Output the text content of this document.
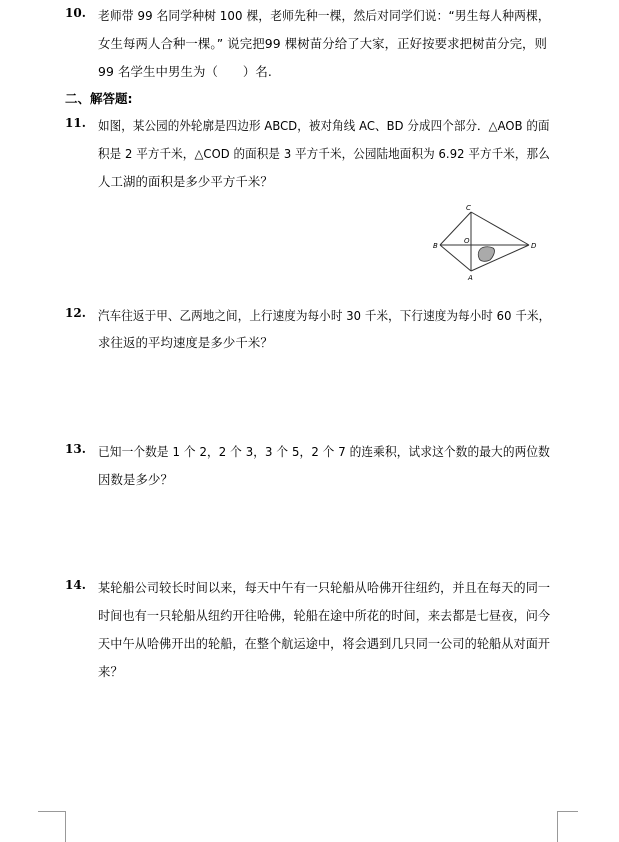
10. 老师带 99 名同学种树 100 棵，老师先种一棵，然后对同学们说：“男生每人种两棵，
女生每两人合种一棵。” 说完把99 棵树苗分给了大家，正好按要求把树苗分完，则
99 名学生中男生为（　　）名.
二、解答题:
11. 如图，某公园的外轮廓是四边形 ABCD，被对角线 AC、BD 分成四个部分．△AOB 的面
积是 2 平方千米，△COD 的面积是 3 平方千米，公园陆地面积为 6.92 平方千米，那么
人工湖的面积是多少平方千米？
C
B
O
D
A
12. 汽车往返于甲、乙两地之间，上行速度为每小时 30 千米，下行速度为每小时 60 千米，
求往返的平均速度是多少千米？
13. 已知一个数是 1 个 2，2 个 3，3 个 5，2 个 7 的连乘积，试求这个数的最大的两位数
因数是多少？
14. 某轮船公司较长时间以来，每天中午有一只轮船从哈佛开往纽约，并且在每天的同一
时间也有一只轮船从纽约开往哈佛，轮船在途中所花的时间，来去都是七昼夜，问今
天中午从哈佛开出的轮船，在整个航运途中，将会遇到几只同一公司的轮船从对面开
来？
